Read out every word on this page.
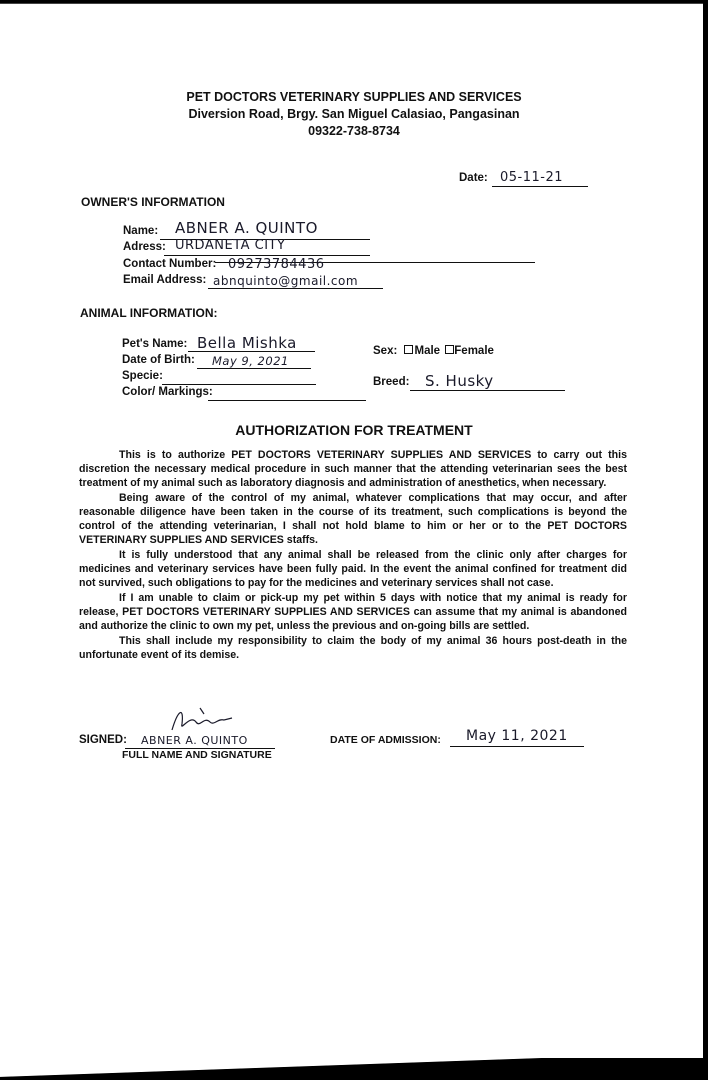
PET DOCTORS VETERINARY SUPPLIES AND SERVICES
Diversion Road, Brgy. San Miguel Calasiao, Pangasinan
09322-738-8734
Date: 05-11-21
OWNER'S INFORMATION
Name: ABNER A. QUINTO
Adress: URDANETA CITY
Contact Number: 09273784436
Email Address: abnquinto@gmail.com
ANIMAL INFORMATION:
Pet's Name: Bella Mishka
Date of Birth: May 9, 2021
Specie:
Color/ Markings:
Sex: Male Female
Breed: S. Husky
AUTHORIZATION FOR TREATMENT

This is to authorize PET DOCTORS VETERINARY SUPPLIES AND SERVICES to carry out this discretion the necessary medical procedure in such manner that the attending veterinarian sees the best treatment of my animal such as laboratory diagnosis and administration of anesthetics, when necessary.

Being aware of the control of my animal, whatever complications that may occur, and after reasonable diligence have been taken in the course of its treatment, such complications is beyond the control of the attending veterinarian, I shall not hold blame to him or her or to the PET DOCTORS VETERINARY SUPPLIES AND SERVICES staffs.

It is fully understood that any animal shall be released from the clinic only after charges for medicines and veterinary services have been fully paid. In the event the animal confined for treatment did not survived, such obligations to pay for the medicines and veterinary services shall not case.

If I am unable to claim or pick-up my pet within 5 days with notice that my animal is ready for release, PET DOCTORS VETERINARY SUPPLIES AND SERVICES can assume that my animal is abandoned and authorize the clinic to own my pet, unless the previous and on-going bills are settled.

This shall include my responsibility to claim the body of my animal 36 hours post-death in the unfortunate event of its demise.

SIGNED: ABNER A. QUINTO
FULL NAME AND SIGNATURE
DATE OF ADMISSION: May 11, 2021
